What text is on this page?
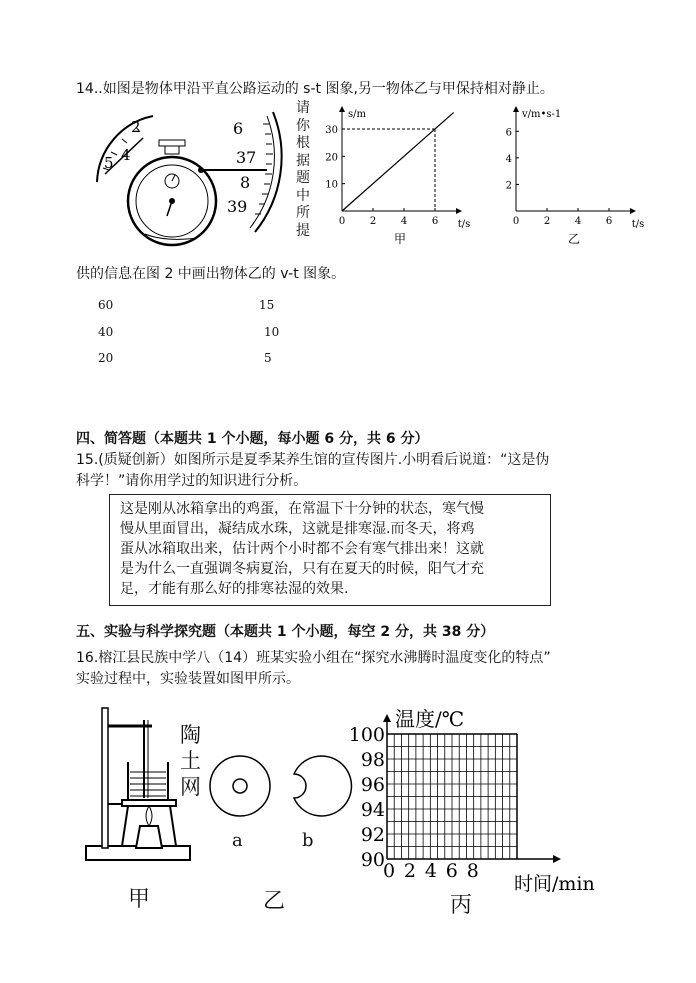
14..如图是物体甲沿平直公路运动的 s-t 图象,另一物体乙与甲保持相对静止。
2
5 4
6
37
8
39
请
你
根
据
题
中
所
提
s/m
t/s
0 2 4 6
10
20
30
甲
v/m•s-1
t/s
0 2 4 6
2
4
6
乙
供的信息在图 2 中画出物体乙的 v-t 图象。
60	15
40	10
20	5
四、简答题（本题共 1 个小题，每小题 6 分，共 6 分）
15.(质疑创新）如图所示是夏季某养生馆的宣传图片.小明看后说道：“这是伪
科学！”请你用学过的知识进行分析。
这是刚从冰箱拿出的鸡蛋，在常温下十分钟的状态，寒气慢
慢从里面冒出，凝结成水珠，这就是排寒湿.而冬天，将鸡
蛋从冰箱取出来，估计两个小时都不会有寒气排出来！这就
是为什么一直强调冬病夏治，只有在夏天的时候，阳气才充
足，才能有那么好的排寒祛湿的效果.
五、实验与科学探究题（本题共 1 个小题，每空 2 分，共 38 分）
16.榕江县民族中学八（14）班某实验小组在“探究水沸腾时温度变化的特点”
实验过程中，实验装置如图甲所示。
陶
土
网
a	b
温度/℃
90
92
94
96
98
100
0 2 4 6 8
时间/min
甲	乙	丙
